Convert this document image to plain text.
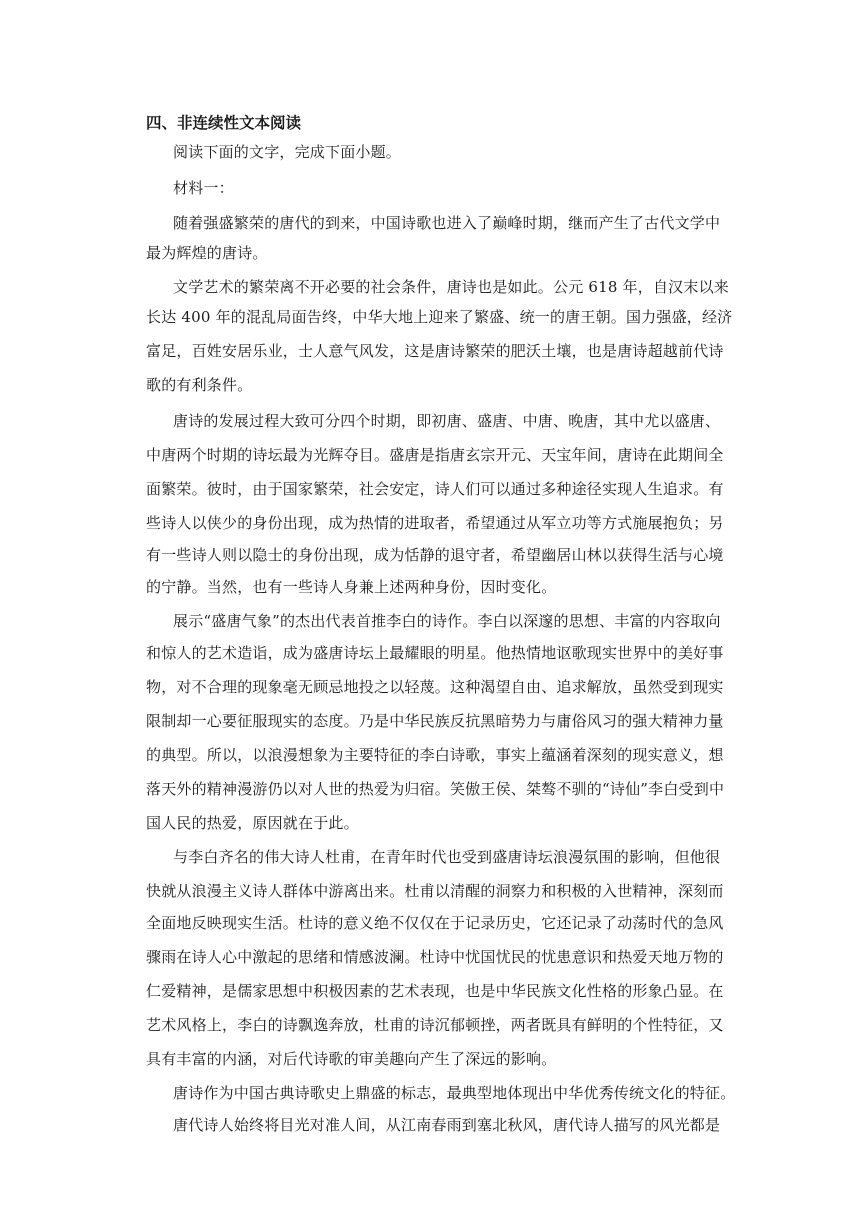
四、非连续性文本阅读
阅读下面的文字，完成下面小题。
材料一：
随着强盛繁荣的唐代的到来，中国诗歌也进入了巅峰时期，继而产生了古代文学中
最为辉煌的唐诗。
文学艺术的繁荣离不开必要的社会条件，唐诗也是如此。公元 618 年，自汉末以来
长达 400 年的混乱局面告终，中华大地上迎来了繁盛、统一的唐王朝。国力强盛，经济
富足，百姓安居乐业，士人意气风发，这是唐诗繁荣的肥沃土壤，也是唐诗超越前代诗
歌的有利条件。
唐诗的发展过程大致可分四个时期，即初唐、盛唐、中唐、晚唐，其中尤以盛唐、
中唐两个时期的诗坛最为光辉夺目。盛唐是指唐玄宗开元、天宝年间，唐诗在此期间全
面繁荣。彼时，由于国家繁荣，社会安定，诗人们可以通过多种途径实现人生追求。有
些诗人以侠少的身份出现，成为热情的进取者，希望通过从军立功等方式施展抱负；另
有一些诗人则以隐士的身份出现，成为恬静的退守者，希望幽居山林以获得生活与心境
的宁静。当然，也有一些诗人身兼上述两种身份，因时变化。
展示“盛唐气象”的杰出代表首推李白的诗作。李白以深邃的思想、丰富的内容取向
和惊人的艺术造诣，成为盛唐诗坛上最耀眼的明星。他热情地讴歌现实世界中的美好事
物，对不合理的现象毫无顾忌地投之以轻蔑。这种渴望自由、追求解放，虽然受到现实
限制却一心要征服现实的态度。乃是中华民族反抗黑暗势力与庸俗风习的强大精神力量
的典型。所以，以浪漫想象为主要特征的李白诗歌，事实上蕴涵着深刻的现实意义，想
落天外的精神漫游仍以对人世的热爱为归宿。笑傲王侯、桀骜不驯的“诗仙”李白受到中
国人民的热爱，原因就在于此。
与李白齐名的伟大诗人杜甫，在青年时代也受到盛唐诗坛浪漫氛围的影响，但他很
快就从浪漫主义诗人群体中游离出来。杜甫以清醒的洞察力和积极的入世精神，深刻而
全面地反映现实生活。杜诗的意义绝不仅仅在于记录历史，它还记录了动荡时代的急风
骤雨在诗人心中激起的思绪和情感波澜。杜诗中忧国忧民的忧患意识和热爱天地万物的
仁爱精神，是儒家思想中积极因素的艺术表现，也是中华民族文化性格的形象凸显。在
艺术风格上，李白的诗飘逸奔放，杜甫的诗沉郁顿挫，两者既具有鲜明的个性特征，又
具有丰富的内涵，对后代诗歌的审美趣向产生了深远的影响。
唐诗作为中国古典诗歌史上鼎盛的标志，最典型地体现出中华优秀传统文化的特征。
唐代诗人始终将目光对准人间，从江南春雨到塞北秋风，唐代诗人描写的风光都是
